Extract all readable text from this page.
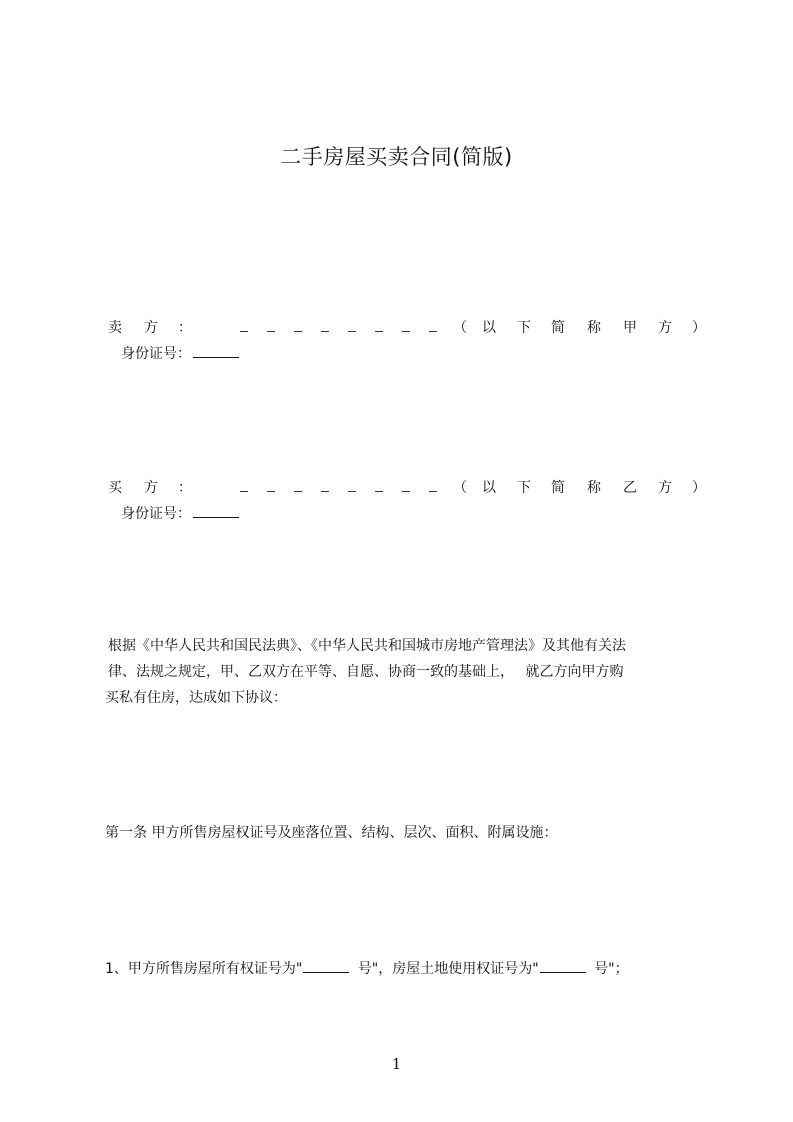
二手房屋买卖合同(简版)
卖 方 ：	（ 以 下 简 称 甲 方 ）
身份证号：
买 方 ：	（ 以 下 简 称 乙 方 ）
身份证号：
根据《中华人民共和国民法典》、《中华人民共和国城市房地产管理法》及其他有关法
律、法规之规定，甲、乙双方在平等、自愿、协商一致的基础上，　 就乙方向甲方购
买私有住房，达成如下协议：
第一条 甲方所售房屋权证号及座落位置、结构、层次、面积、附属设施：
1、甲方所售房屋所有权证号为"	号"，房屋土地使用权证号为"	号"；
1
